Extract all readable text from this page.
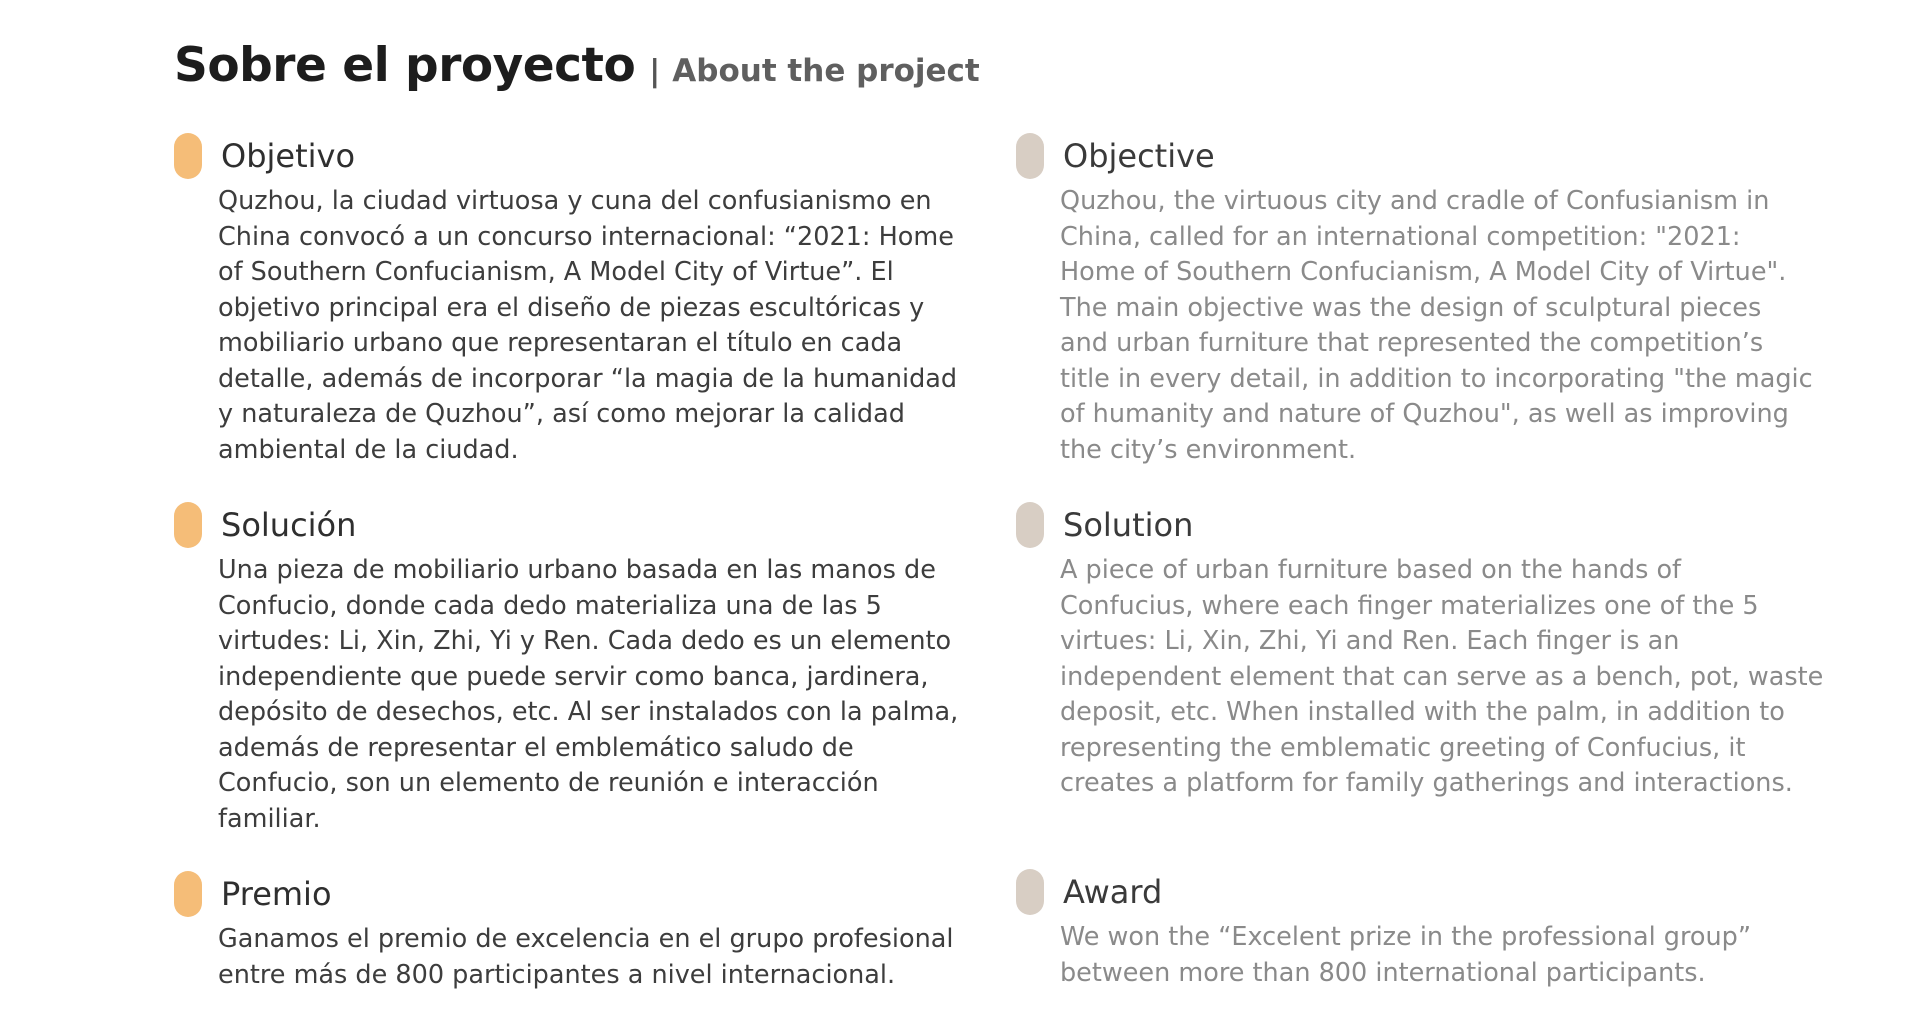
Sobre el proyecto | About the project
Objetivo
Quzhou, la ciudad virtuosa y cuna del confusianismo en
China convocó a un concurso internacional: “2021: Home
of Southern Confucianism, A Model City of Virtue”. El
objetivo principal era el diseño de piezas escultóricas y
mobiliario urbano que representaran el título en cada
detalle, además de incorporar “la magia de la humanidad
y naturaleza de Quzhou”, así como mejorar la calidad
ambiental de la ciudad.
Solución
Una pieza de mobiliario urbano basada en las manos de
Confucio, donde cada dedo materializa una de las 5
virtudes: Li, Xin, Zhi, Yi y Ren. Cada dedo es un elemento
independiente que puede servir como banca, jardinera,
depósito de desechos, etc. Al ser instalados con la palma,
además de representar el emblemático saludo de
Confucio, son un elemento de reunión e interacción
familiar.
Premio
Ganamos el premio de excelencia en el grupo profesional
entre más de 800 participantes a nivel internacional.
Objective
Quzhou, the virtuous city and cradle of Confusianism in
China, called for an international competition: "2021:
Home of Southern Confucianism, A Model City of Virtue".
The main objective was the design of sculptural pieces
and urban furniture that represented the competition’s
title in every detail, in addition to incorporating "the magic
of humanity and nature of Quzhou", as well as improving
the city’s environment.
Solution
A piece of urban furniture based on the hands of
Confucius, where each finger materializes one of the 5
virtues: Li, Xin, Zhi, Yi and Ren. Each finger is an
independent element that can serve as a bench, pot, waste
deposit, etc. When installed with the palm, in addition to
representing the emblematic greeting of Confucius, it
creates a platform for family gatherings and interactions.
Award
We won the “Excelent prize in the professional group”
between more than 800 international participants.
